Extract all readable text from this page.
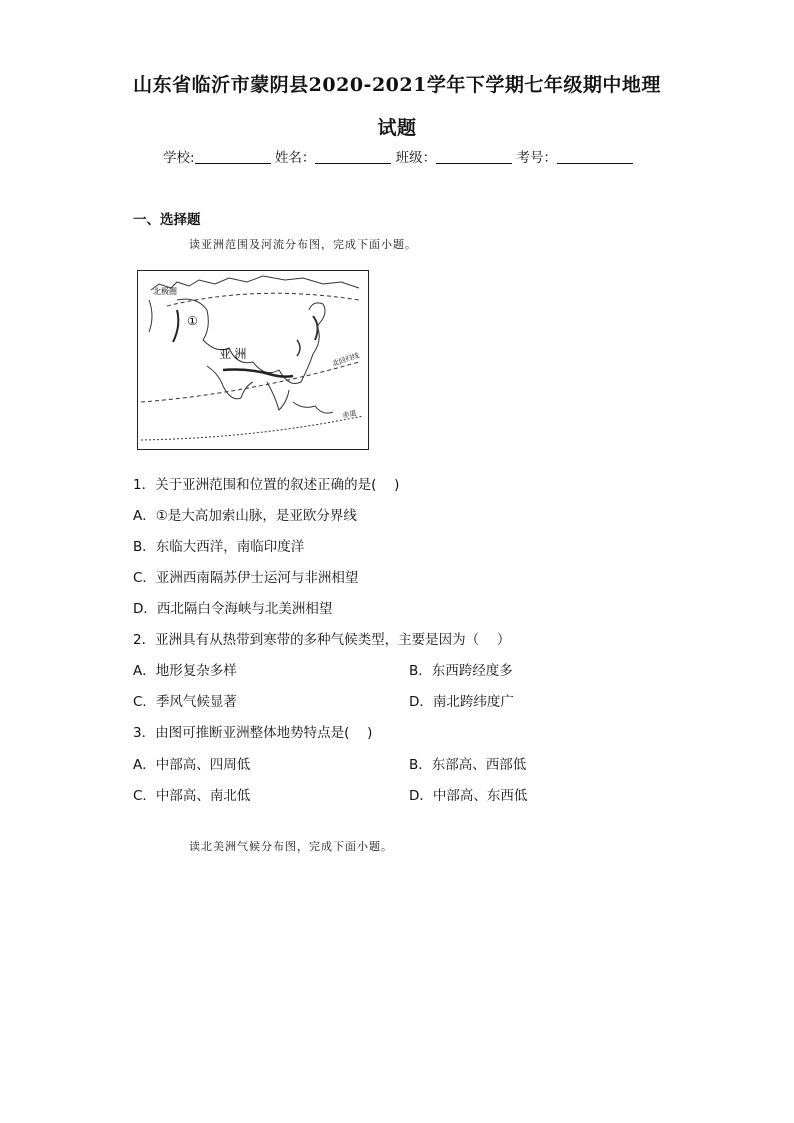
山东省临沂市蒙阴县2020-2021学年下学期七年级期中地理
试题
学校:	姓名：	班级：	考号：
一、选择题
读亚洲范围及河流分布图，完成下面小题。
北极圈
①
亚 洲	北回归线
赤道
1．关于亚洲范围和位置的叙述正确的是(　 )
A．①是大高加索山脉，是亚欧分界线
B．东临大西洋，南临印度洋
C．亚洲西南隔苏伊士运河与非洲相望
D．西北隔白令海峡与北美洲相望
2．亚洲具有从热带到寒带的多种气候类型，主要是因为（　 ）
A．地形复杂多样	B．东西跨经度多
C．季风气候显著	D．南北跨纬度广
3．由图可推断亚洲整体地势特点是(　 )
A．中部高、四周低	B．东部高、西部低
C．中部高、南北低	D．中部高、东西低
读北美洲气候分布图，完成下面小题。
